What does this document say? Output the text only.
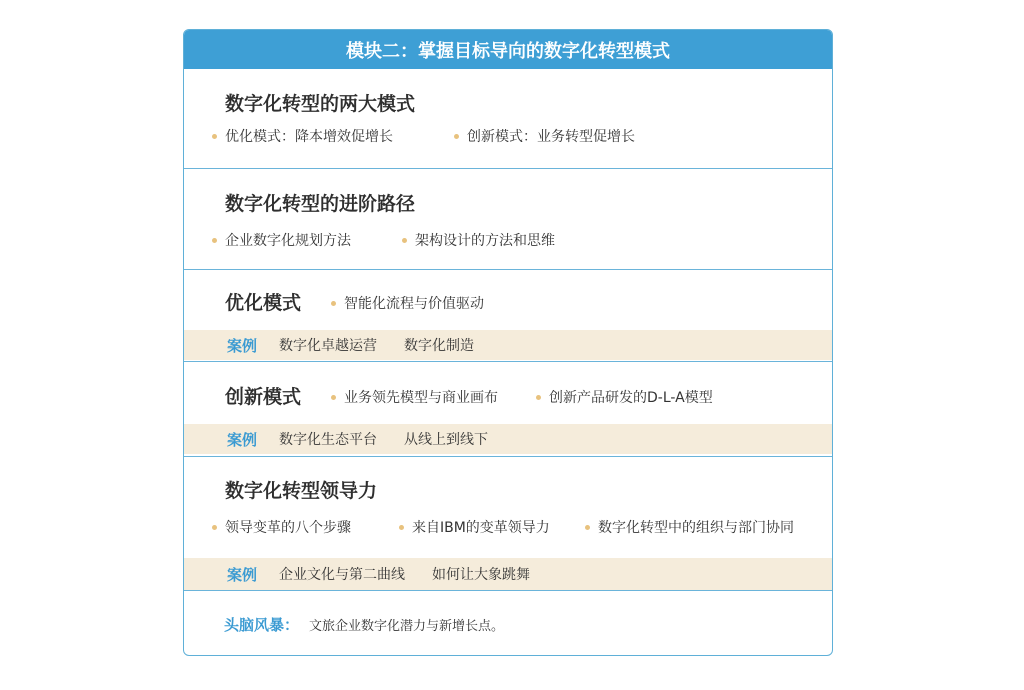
模块二：掌握目标导向的数字化转型模式
数字化转型的两大模式
优化模式：降本增效促增长	创新模式：业务转型促增长
数字化转型的进阶路径
企业数字化规划方法	架构设计的方法和思维
优化模式	智能化流程与价值驱动
案例 数字化卓越运营 数字化制造
创新模式	业务领先模型与商业画布	创新产品研发的D-L-A模型
案例 数字化生态平台 从线上到线下
数字化转型领导力
领导变革的八个步骤	来自IBM的变革领导力	数字化转型中的组织与部门协同
案例 企业文化与第二曲线 如何让大象跳舞
头脑风暴： 文旅企业数字化潜力与新增长点。
